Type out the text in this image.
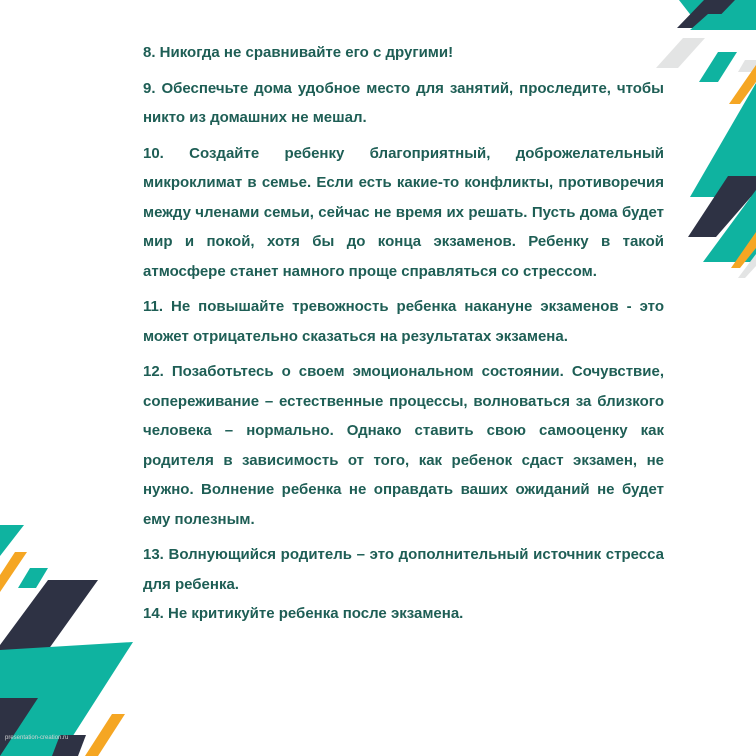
8. Никогда не сравнивайте его с другими!

9. Обеспечьте дома удобное место для занятий, проследите, чтобы никто из домашних не мешал.

10. Создайте ребенку благоприятный, доброжелательный микроклимат в семье. Если есть какие-то конфликты, противоречия между членами семьи, сейчас не время их решать. Пусть дома будет мир и покой, хотя бы до конца экзаменов. Ребенку в такой атмосфере станет намного проще справляться со стрессом.

11. Не повышайте тревожность ребенка накануне экзаменов - это может отрицательно сказаться на результатах экзамена.

12. Позаботьтесь о своем эмоциональном состоянии. Сочувствие, сопереживание – естественные процессы, волноваться за близкого человека – нормально. Однако ставить свою самооценку как родителя в зависимость от того, как ребенок сдаст экзамен, не нужно. Волнение ребенка не оправдать ваших ожиданий не будет ему полезным.

13. Волнующийся родитель – это дополнительный источник стресса для ребенка.

14. Не критикуйте ребенка после экзамена.

presentation-creation.ru
